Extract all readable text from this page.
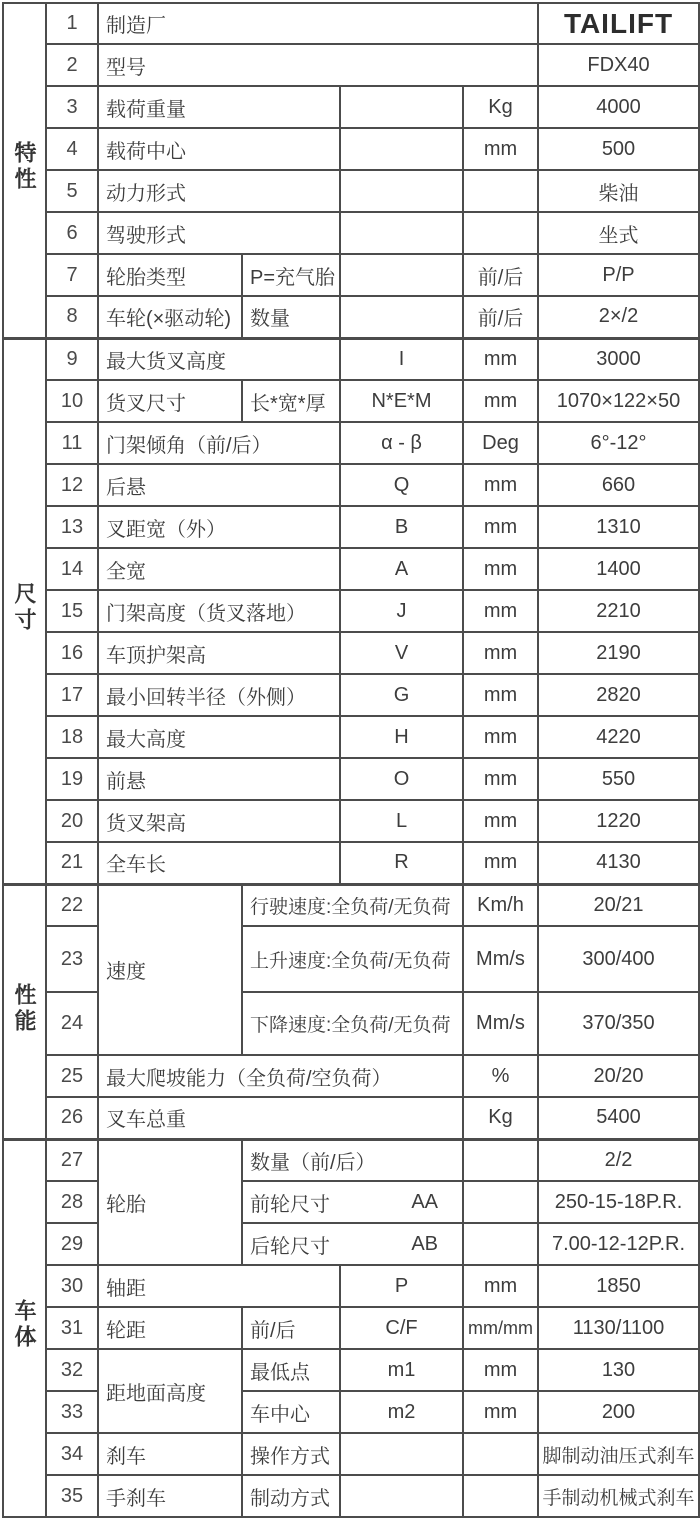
特性	1	制造厂				TAILIFT
	2	型号				FDX40
	3	载荷重量			Kg	4000
	4	载荷中心			mm	500
	5	动力形式				柴油
	6	驾驶形式				坐式
	7	轮胎类型	P=充气胎		前/后	P/P
	8	车轮(×驱动轮)	数量		前/后	2×/2
尺寸	9	最大货叉高度		I	mm	3000
	10	货叉尺寸	长*宽*厚	N*E*M	mm	1070×122×50
	11	门架倾角（前/后）		α - β	Deg	6°-12°
	12	后悬		Q	mm	660
	13	叉距宽（外）		B	mm	1310
	14	全宽		A	mm	1400
	15	门架高度（货叉落地）		J	mm	2210
	16	车顶护架高		V	mm	2190
	17	最小回转半径（外侧）		G	mm	2820
	18	最大高度		H	mm	4220
	19	前悬		O	mm	550
	20	货叉架高		L	mm	1220
	21	全车长		R	mm	4130
性能	22	速度	行驶速度:全负荷/无负荷		Km/h	20/21
	23		上升速度:全负荷/无负荷		Mm/s	300/400
	24		下降速度:全负荷/无负荷		Mm/s	370/350
	25	最大爬坡能力（全负荷/空负荷）			%	20/20
	26	叉车总重			Kg	5400
车体	27	轮胎	数量（前/后）			2/2
	28		前轮尺寸 AA			250-15-18P.R.
	29		后轮尺寸 AB			7.00-12-12P.R.
	30	轴距		P	mm	1850
	31	轮距	前/后	C/F	mm/mm	1130/1100
	32	距地面高度	最低点	m1	mm	130
	33		车中心	m2	mm	200
	34	刹车	操作方式			脚制动油压式刹车
	35	手刹车	制动方式			手制动机械式刹车
